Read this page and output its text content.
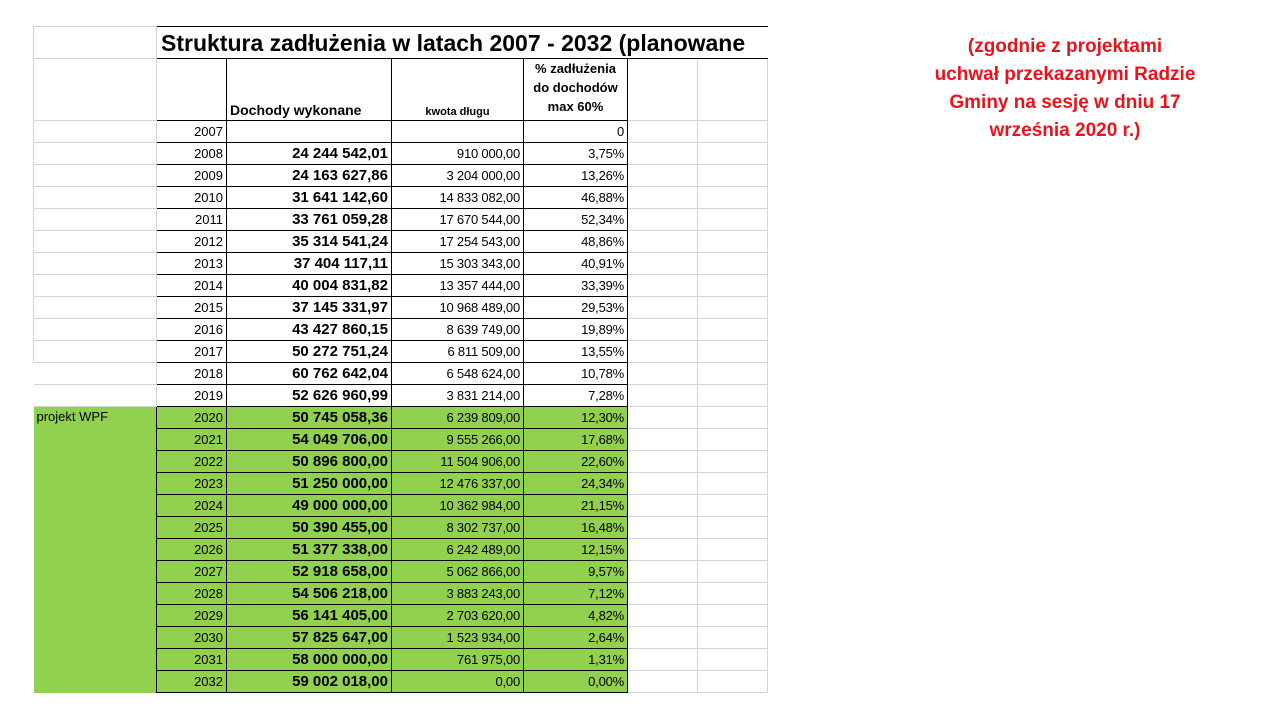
	Struktura zadłużenia w latach 2007 - 2032 (planowane					
		Dochody wykonane	kwota długu	% zadłużenia
do dochodów
max 60%		

	2007			0		
	2008	24 244 542,01	910 000,00	3,75%		
	2009	24 163 627,86	3 204 000,00	13,26%		
	2010	31 641 142,60	14 833 082,00	46,88%		
	2011	33 761 059,28	17 670 544,00	52,34%		
	2012	35 314 541,24	17 254 543,00	48,86%		
	2013	37 404 117,11	15 303 343,00	40,91%		
	2014	40 004 831,82	13 357 444,00	33,39%		
	2015	37 145 331,97	10 968 489,00	29,53%		
	2016	43 427 860,15	8 639 749,00	19,89%		
	2017	50 272 751,24	6 811 509,00	13,55%		
	2018	60 762 642,04	6 548 624,00	10,78%		
	2019	52 626 960,99	3 831 214,00	7,28%		
projekt WPF	2020	50 745 058,36	6 239 809,00	12,30%		
	2021	54 049 706,00	9 555 266,00	17,68%		
	2022	50 896 800,00	11 504 906,00	22,60%		
	2023	51 250 000,00	12 476 337,00	24,34%		
	2024	49 000 000,00	10 362 984,00	21,15%		
	2025	50 390 455,00	8 302 737,00	16,48%		
	2026	51 377 338,00	6 242 489,00	12,15%		
	2027	52 918 658,00	5 062 866,00	9,57%		
	2028	54 506 218,00	3 883 243,00	7,12%		
	2029	56 141 405,00	2 703 620,00	4,82%		
	2030	57 825 647,00	1 523 934,00	2,64%		
	2031	58 000 000,00	761 975,00	1,31%		
	2032	59 002 018,00	0,00	0,00%		
(zgodnie z projektami
uchwał przekazanymi Radzie
Gminy na sesję w dniu 17
września 2020 r.)
